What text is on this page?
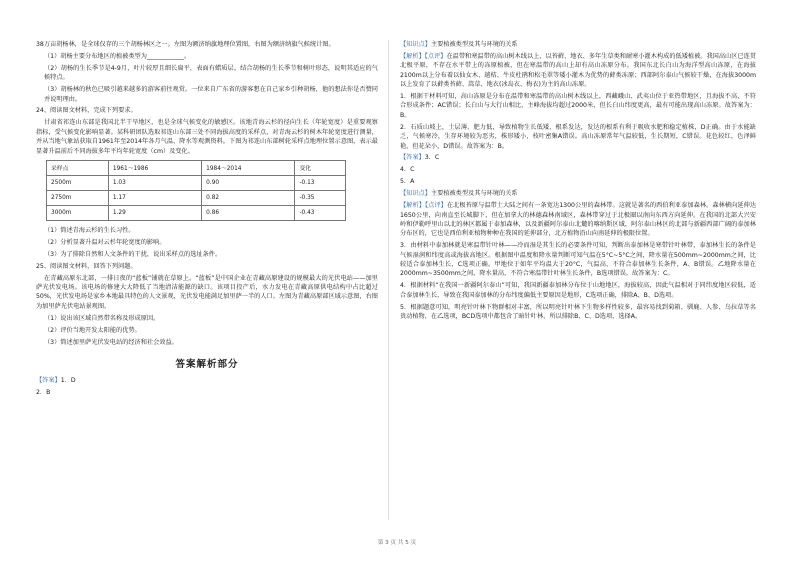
38万亩胡杨林，是全球仅存的三个胡杨林区之一。左图为额济纳旗地理位置图，右图为额济纳旗气候统计图。

（1）胡杨主要分布地区的植被类型为____________。

（2）胡杨的生长季节是4-9月，叶片较厚且细长扁平，表面有蜡质层。结合胡杨的生长季节和树叶形态，说明其适应的气候特点。

（3）胡杨林的秋色已吸引越来越多的游客前往观赏。一位来自广东省的游客想在自己家乡引种胡杨，他的想法你是否赞同并说明理由。

24、阅读图文材料，完成下列要求。

甘肃省祁连山东部是我国北半干旱地区，也是全球气候变化的敏感区。该地青海云杉的径向生长（年轮宽度）是重要观察指标，受气候变化影响显著。某科研团队选取祁连山东部三处不同海拔高度的采样点，对青海云杉的树木年轮宽度进行测量，并从当地气象站获取自1961年至2014年各月气温、降水等观测资料。下图为祁连山东部树轮采样点地理位置示意图，表示最显著升温前后不同海拔多年平均年轮宽度（cm）及变化。

采样点	1961～1986	1984～2014	变化
2500m	1.03	0.90	-0.13
2750m	1.17	0.82	-0.35
3000m	1.29	0.86	-0.43

（1）简述青海云杉的生长习性。

（2）分析显著升温对云杉年轮宽度的影响。

（3）为了排除自然和人文条件的干扰，说出采样点的选址条件。

25、阅读图文材料，回答下列问题。

在青藏高原东北部，一排日夜的“蓝板”铺就在草原上。“蓝板”是中国企业在青藏高原建设的规模最大的光伏电站——加里萨光伏发电场。该电场的修建大大降低了当地清洁能源的缺口。该项目投产后，水力发电在青藏高原供电结构中占比超过50%，光伏发电场是家乡本地最具特色的人文景观，光伏发电能满足加里萨一半的人口。左图为青藏高原部区域示意图，右图为加里萨光伏电站景观图。

（1）说出该区域自然带名称及形成原因。

（2）评价当地开发太阳能的优势。

（3）简述加里萨光伏发电站的经济和社会效益。

答案解析部分

【答案】1．D

2．B

【知识点】主要植被类型及其与环境的关系

【解析】【点评】在温带和寒温带的高山树木线以上，以苔藓、地衣、多年生草类和耐寒小灌木构成的低矮植被。我国高山区已连贯北极平原，不存在水平带上的冻原植被，但在寒温带的高山上却有高山冻原分布。我国东北长白山为海洋型高山冻原，在海拔2100m以上分布着以仙女木、越桔、牛皮杜鹃和松毛翠等矮小灌木为优势的藓类冻原；西部阿尔泰山气候较干燥，在海拔3000m以上发育了以藓类苔藓、嵩草、地衣(冰岛衣、梅衣)为主的高山冻原。

1．根据干材料可知，高山冻原是分布在温带和寒温带的高山树木线以上，西藏峨山、武夷山位于亚热带地区，且海拔不高，不符合形成条件；AC错误；长白山与大行山相比，主峰海拔均超过2000米，但长白山纬度更高，最有可能出现高山冻原。故答案为：B。

2．石质山坡上，土层薄、肥力低，导致植物生长低矮、根系发达，发达的根系有利于吸收水肥和稳定植株，D正确。由于水能缺乏，气候寒冷，生存环境较为恶劣，株形矮小，枝叶密集A错误。高山冻原常年气温较低，生长期短，C错误。花色较红，色泽鲜艳，但花朵小，D错误。故答案为：B。

【答案】3．C

4．C

5．A

【知识点】主要植被类型及其与环境的关系

【解析】【点评】在北极苔原与温带土大陆之间有一条宽达1300公里的森林带。这就是著名的西伯利亚泰加森林。森林横向延伸达1650公里，向南直至长城脚下，但在加拿大的林德森林南域区，森林带穿过于北极圈以南向东西方向延伸。在我国的北部大兴安岭和伊勒呼里山以北的林区都属于泰加森林，以及新疆阿尔泰山北麓的喀纳斯区域，阿尔泰山林区的北部与新疆西部广阔的泰加林分布区的，它也是西伯利亚植物种种在我国的延伸部分，北方植物沿山向南延伸的极限位置。

3．由材料中泰加林就是寒温带针叶林——冷而湿是其生长的必要条件可知，判断出泰加林是寒带针叶林带，泰加林生长的条件是气候湿润和纬度高或海拔高地区。根据图中温度和降水量判断可知气温在5°C~5°C之间，降水量在500mm~2000mm之间，比较适合泰加林生长，C选项正确。甲地位于如年平均温大于20°C，气温高，不符合泰加林生长条件，A、B错误。乙地降水量在2000mm~3500mm之间，降水量高，不符合寒温带针叶林生长条件，B选项错误。故答案为：C。

4．根据材料“在我国一新疆阿尔泰山”可知，我国新疆泰加林分布位于山地地区，海拔较高，因此气温相对于同纬度地区较低，适合泰加林生长，导致在我国泰加林的分布纬度偏低主要原因是地形，C选项正确，排除A、B、D选项。

5．根据题意可知，明亮针叶林下物群相对丰富，所以明亮针叶林下生物多样性较多，最容易找到菊箱、驯鹿、人参、乌拉草等名贵动植物，在乙选项，BCD选项中都包含了暗针叶林，所以排除B、C、D选项，选择A。

第 3 页 共 5 页
